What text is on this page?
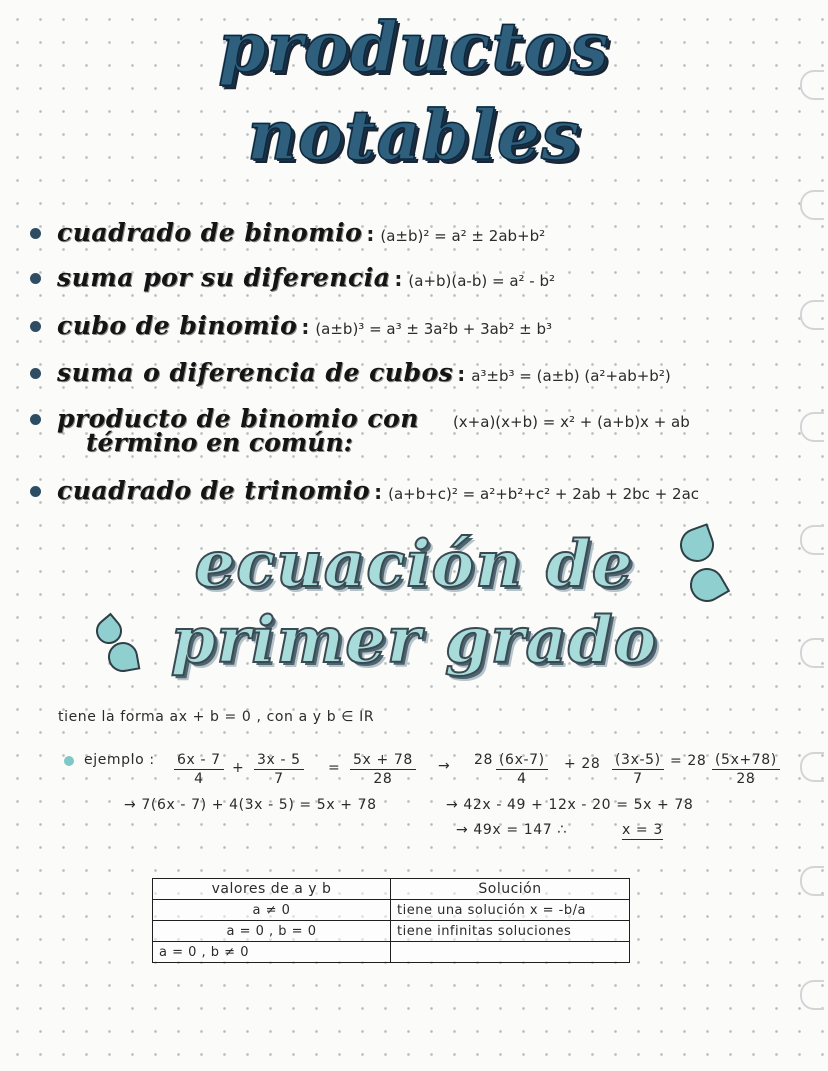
productos
notables
cuadrado de binomio : (a±b)² = a² ± 2ab+b²
suma por su diferencia : (a+b)(a-b) = a² - b²
cubo de binomio : (a±b)³ = a³ ± 3a²b + 3ab² ± b³
suma o diferencia de cubos : a³±b³ = (a±b) (a²+ab+b²)
producto de binomio con (x+a)(x+b) = x² + (a+b)x + ab
término en común:
cuadrado de trinomio : (a+b+c)² = a²+b²+c² + 2ab + 2bc + 2ac
ecuación de
primer grado
tiene la forma ax + b = 0 , con a y b ∈ IR
ejemplo : $\frac{6x - 7}{4} + \frac{3x - 5}{7} = \frac{5x + 78}{28} \to 28 \frac{(6x-7)}{4} + 28 \frac{(3x-5)}{7} = 28 \frac{(5x+78)}{28}$
→ 7(6x - 7) + 4(3x - 5) = 5x + 78	→ 42x - 49 + 12x - 20 = 5x + 78
→ 49x = 147 ∴	x = 3
valores de a y b	Solución
a ≠ 0	tiene una solución x = -b/a
a = 0 , b = 0	tiene infinitas soluciones
a = 0 , b ≠ 0	
